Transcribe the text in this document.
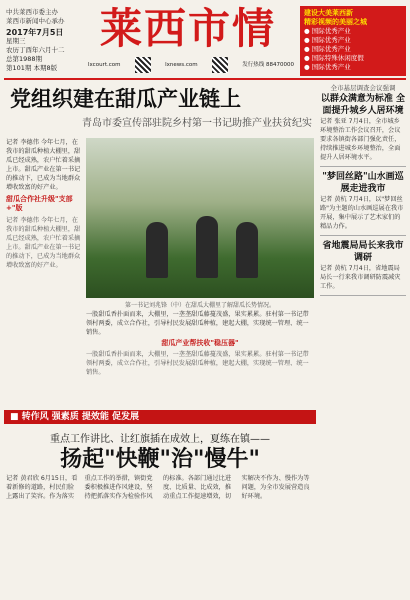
中共莱西市委主办
莱西市新闻中心承办
2017年7月5日
星期三
农历丁酉年六月十二
总第1988期
第101期 本期8版
莱西市情
lxcourt.com	lxnews.com	发行热线 88470000
建设大美莱西新
精彩视频的美丽之城
● 国际优秀产业
● 国际优秀产业
● 国际优秀产业
● 国际特殊休闲度假
● 国际优秀产业
党组织建在甜瓜产业链上
青岛市委宣传部驻院乡村第一书记助推产业扶贫纪实
记者 李德伟 今年七月，在我市的甜瓜种植大棚里，甜瓜已经成熟，农户忙着采摘上市。甜瓜产业在第一书记的推动下，已成为当地群众增收致富的好产业。
甜瓜合作社升级"支部+"版
记者 李德伟 今年七月，在我市的甜瓜种植大棚里，甜瓜已经成熟，农户忙着采摘上市。甜瓜产业在第一书记的推动下，已成为当地群众增收致富的好产业。
第一书记刘兆锋（中）在甜瓜大棚里了解甜瓜长势情况。
一股甜瓜香扑面而来，大棚里，一垄垄甜瓜藤蔓茂盛，果实累累。驻村第一书记带领村两委，成立合作社，引导村民发展甜瓜种植，建起大棚，实现统一管理、统一销售。
甜瓜产业帮扶收"稳压器"
一股甜瓜香扑面而来，大棚里，一垄垄甜瓜藤蔓茂盛，果实累累。驻村第一书记带领村两委，成立合作社，引导村民发展甜瓜种植，建起大棚，实现统一管理、统一销售。
■ 转作风 强素质 提效能 促发展
重点工作讲比、让红旗插在成效上，夏练在镇——
扬起"快鞭"治"慢牛"
记者 黄君欣 6月15日，看着新修的道路，村民们脸上露出了笑容。作为落实重点工作的举措，镇街党委积极推进作风建设，坚持把抓落实作为检验作风的标准。各部门通过比进度、比质量、比成效，推动重点工作提速增效，切实解决不作为、慢作为等问题，为全市发展营造良好环境。
全市基层调查会议强调
以群众满意为标准 全面提升城乡人居环境
记者 张亚 7月4日，全市城乡环境整治工作会议召开，会议要求各镇街各部门强化责任，持续推进城乡环境整治，全面提升人居环境水平。
"梦回丝路"山水画巡展走进我市
记者 黄杭 7月4日，以"梦回丝路"为主题的山水画巡展在我市开展，集中展示了艺术家们的精品力作。
省地震局局长来我市调研
记者 黄杭 7月4日，省地震局局长一行来我市调研防震减灾工作。
